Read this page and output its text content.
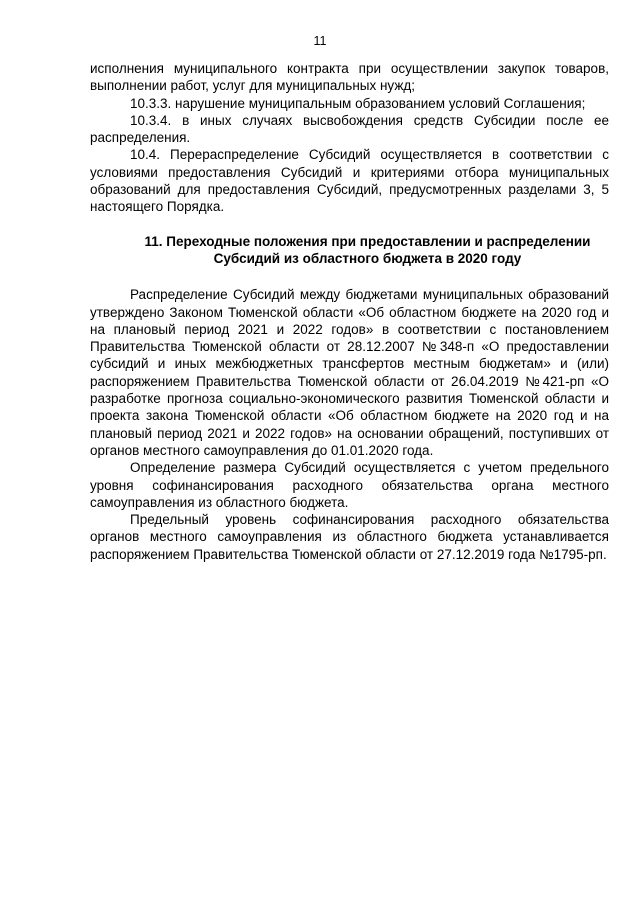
11

исполнения муниципального контракта при осуществлении закупок товаров, выполнении работ, услуг для муниципальных нужд;

10.3.3. нарушение муниципальным образованием условий Соглашения;

10.3.4. в иных случаях высвобождения средств Субсидии после ее распределения.

10.4. Перераспределение Субсидий осуществляется в соответствии с условиями предоставления Субсидий и критериями отбора муниципальных образований для предоставления Субсидий, предусмотренных разделами 3, 5 настоящего Порядка.

11. Переходные положения при предоставлении и распределении
Субсидий из областного бюджета в 2020 году

Распределение Субсидий между бюджетами муниципальных образований утверждено Законом Тюменской области «Об областном бюджете на 2020 год и на плановый период 2021 и 2022 годов» в соответствии с постановлением Правительства Тюменской области от 28.12.2007 №348-п «О предоставлении субсидий и иных межбюджетных трансфертов местным бюджетам» и (или) распоряжением Правительства Тюменской области от 26.04.2019 №421-рп «О разработке прогноза социально-экономического развития Тюменской области и проекта закона Тюменской области «Об областном бюджете на 2020 год и на плановый период 2021 и 2022 годов» на основании обращений, поступивших от органов местного самоуправления до 01.01.2020 года.

Определение размера Субсидий осуществляется с учетом предельного уровня софинансирования расходного обязательства органа местного самоуправления из областного бюджета.

Предельный уровень софинансирования расходного обязательства органов местного самоуправления из областного бюджета устанавливается распоряжением Правительства Тюменской области от 27.12.2019 года №1795-рп.
